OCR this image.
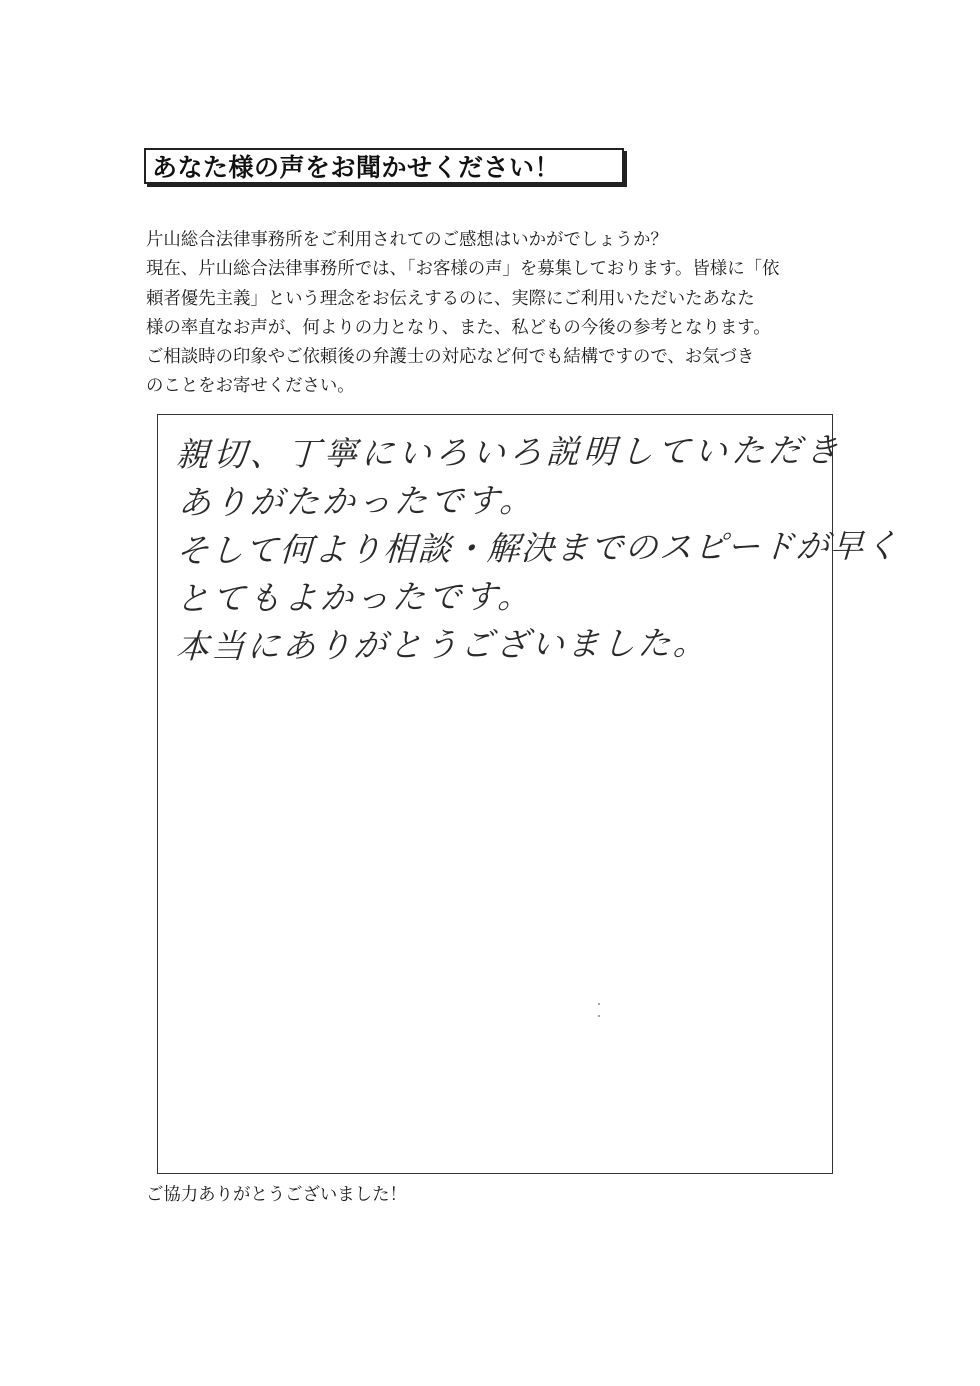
あなた様の声をお聞かせください！
片山総合法律事務所をご利用されてのご感想はいかがでしょうか？
現在、片山総合法律事務所では、「お客様の声」を募集しております。皆様に「依
頼者優先主義」という理念をお伝えするのに、実際にご利用いただいたあなた
様の率直なお声が、何よりの力となり、また、私どもの今後の参考となります。
ご相談時の印象やご依頼後の弁護士の対応など何でも結構ですので、お気づき
のことをお寄せください。
親切、丁寧にいろいろ説明していただき
ありがたかったです。
そして何より相談・解決までのスピードが早く
とてもよかったです。
本当にありがとうございました。
ご協力ありがとうございました！
